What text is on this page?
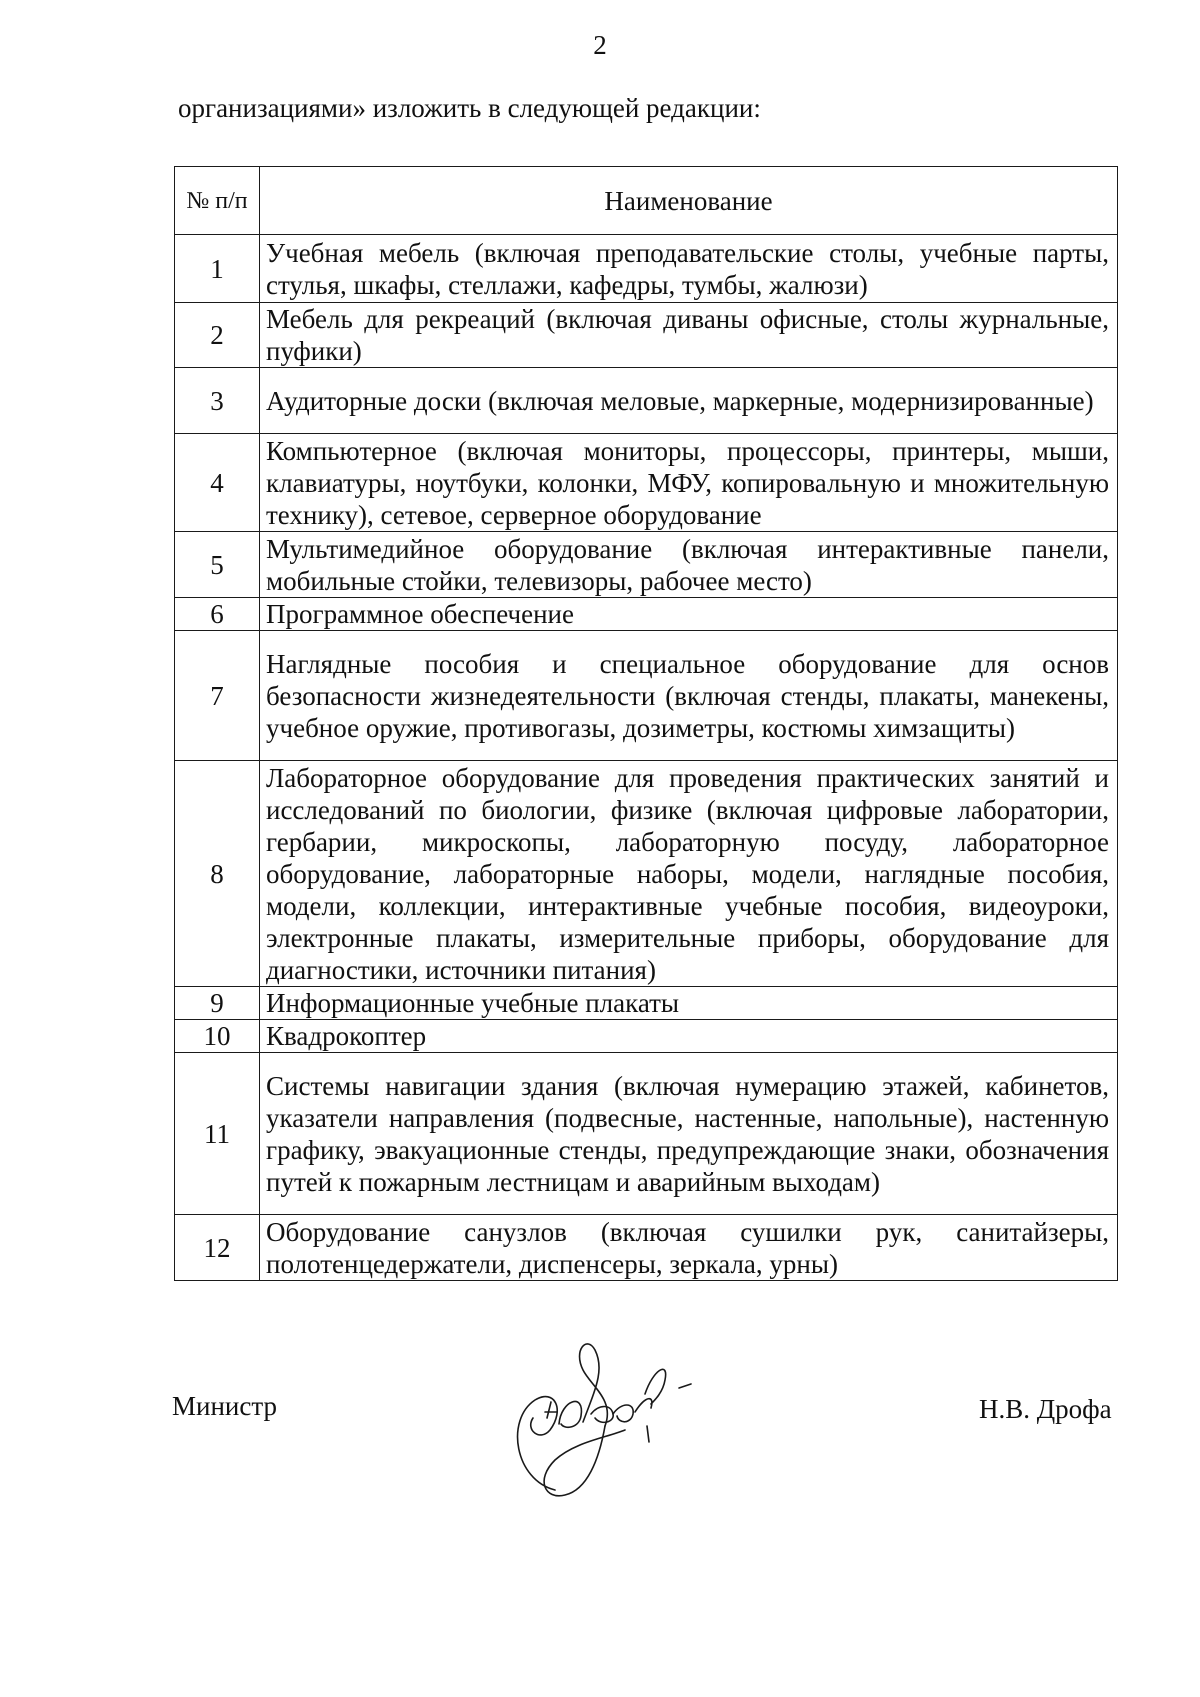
2
организациями» изложить в следующей редакции:
№ п/п	Наименование
1	Учебная мебель (включая преподавательские столы, учебные парты, стулья, шкафы, стеллажи, кафедры, тумбы, жалюзи)
2	Мебель для рекреаций (включая диваны офисные, столы журнальные, пуфики)
3	Аудиторные доски (включая меловые, маркерные, модернизированные)
4	Компьютерное (включая мониторы, процессоры, принтеры, мыши, клавиатуры, ноутбуки, колонки, МФУ, копировальную и множительную технику), сетевое, серверное оборудование
5	Мультимедийное оборудование (включая интерактивные панели, мобильные стойки, телевизоры, рабочее место)
6	Программное обеспечение
7	Наглядные пособия и специальное оборудование для основ безопасности жизнедеятельности (включая стенды, плакаты, манекены, учебное оружие, противогазы, дозиметры, костюмы химзащиты)
8	Лабораторное оборудование для проведения практических занятий и исследований по биологии, физике (включая цифровые лаборатории, гербарии, микроскопы, лабораторную посуду, лабораторное оборудование, лабораторные наборы, модели, наглядные пособия, модели, коллекции, интерактивные учебные пособия, видеоуроки, электронные плакаты, измерительные приборы, оборудование для диагностики, источники питания)
9	Информационные учебные плакаты
10	Квадрокоптер
11	Системы навигации здания (включая нумерацию этажей, кабинетов, указатели направления (подвесные, настенные, напольные), настенную графику, эвакуационные стенды, предупреждающие знаки, обозначения путей к пожарным лестницам и аварийным выходам)
12	Оборудование санузлов (включая сушилки рук, санитайзеры, полотенцедержатели, диспенсеры, зеркала, урны)
Министр	Н.В. Дрофа
